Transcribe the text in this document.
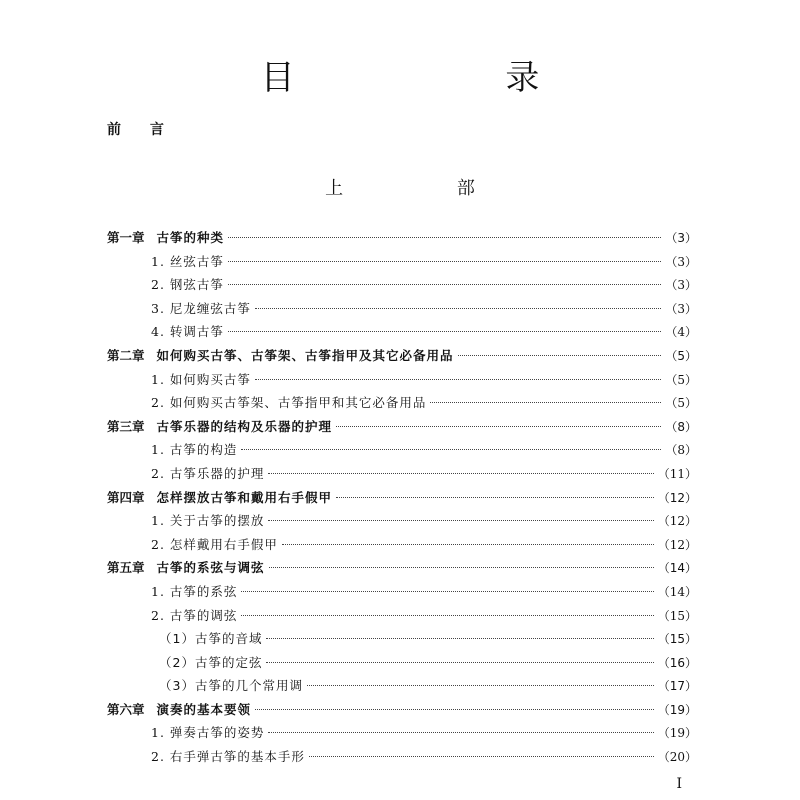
目 录
前 言
上 部
第一章 古筝的种类	（3）
1. 丝弦古筝	（3）
2. 钢弦古筝	（3）
3. 尼龙缠弦古筝	（3）
4. 转调古筝	（4）
第二章 如何购买古筝、古筝架、古筝指甲及其它必备用品	（5）
1. 如何购买古筝	（5）
2. 如何购买古筝架、古筝指甲和其它必备用品	（5）
第三章 古筝乐器的结构及乐器的护理	（8）
1. 古筝的构造	（8）
2. 古筝乐器的护理	（11）
第四章 怎样摆放古筝和戴用右手假甲	（12）
1. 关于古筝的摆放	（12）
2. 怎样戴用右手假甲	（12）
第五章 古筝的系弦与调弦	（14）
1. 古筝的系弦	（14）
2. 古筝的调弦	（15）
（1）古筝的音域	（15）
（2）古筝的定弦	（16）
（3）古筝的几个常用调	（17）
第六章 演奏的基本要领	（19）
1. 弹奏古筝的姿势	（19）
2. 右手弹古筝的基本手形	（20）
I
